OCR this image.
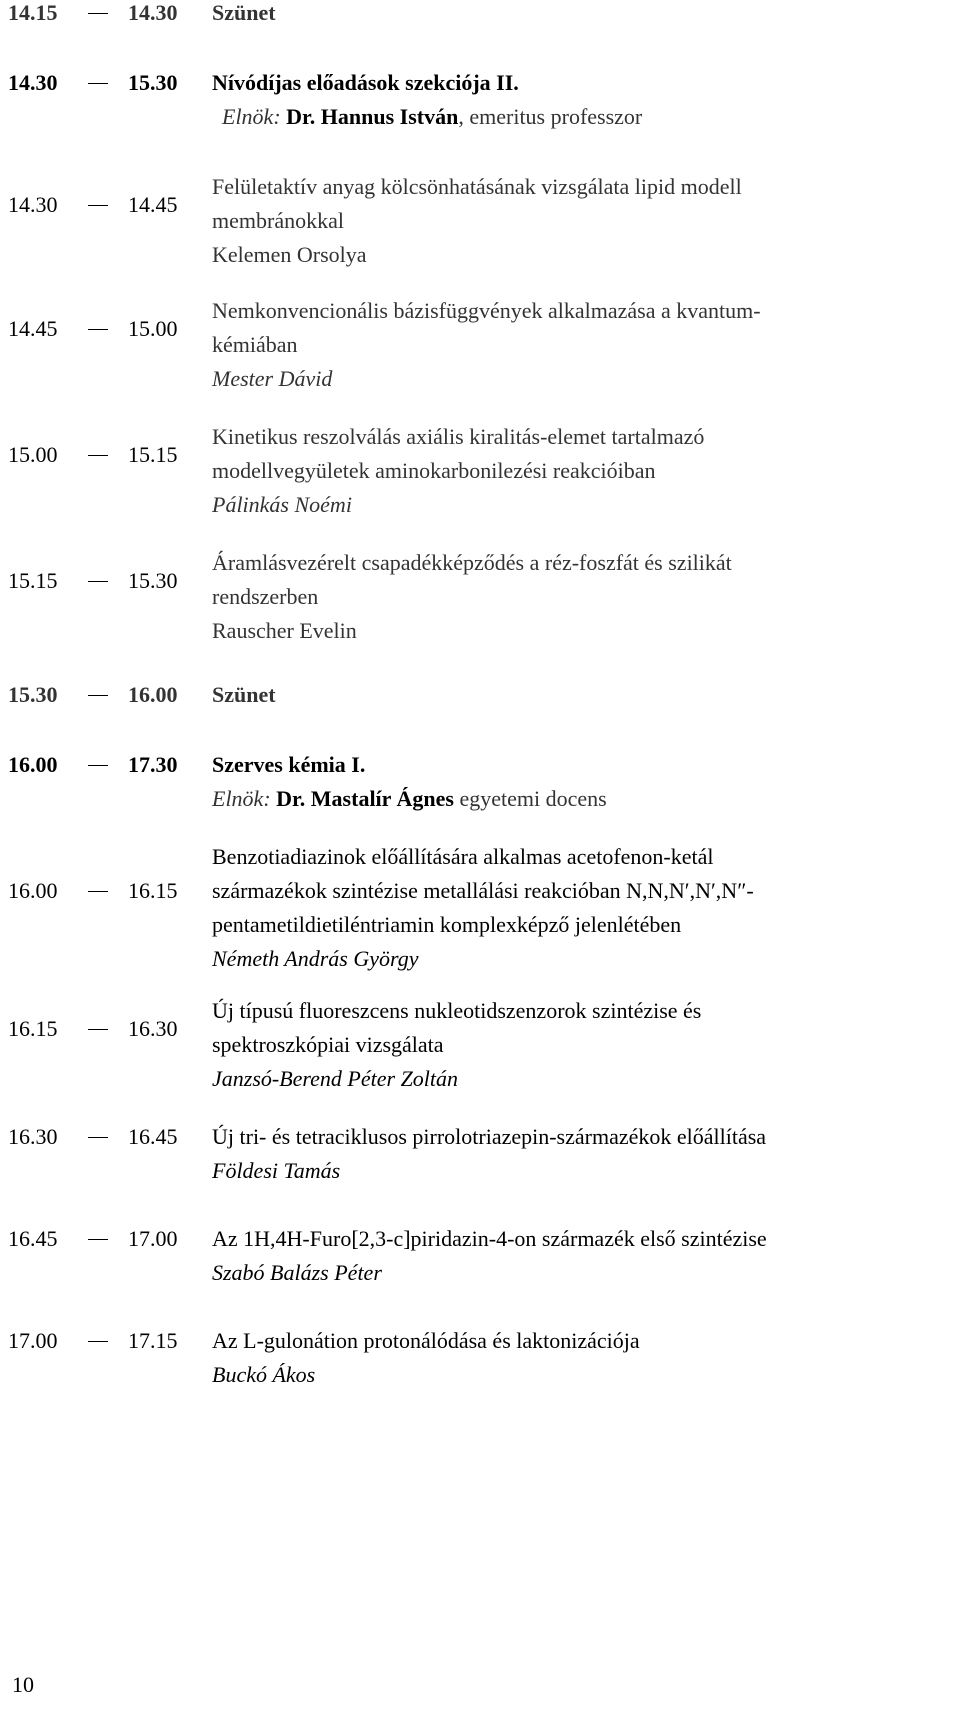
14.15	14.30 Szünet
14.30	15.30 Nívódíjas előadások szekciója II.
Elnök: Dr. Hannus István, emeritus professzor
14.30	14.45
Felületaktív anyag kölcsönhatásának vizsgálata lipid modell
membránokkal
Kelemen Orsolya
14.45	15.00
Nemkonvencionális bázisfüggvények alkalmazása a kvantum-
kémiában
Mester Dávid
15.00	15.15
Kinetikus reszolválás axiális kiralitás-elemet tartalmazó
modellvegyületek aminokarbonilezési reakcióiban
Pálinkás Noémi
15.15	15.30
Áramlásvezérelt csapadékképződés a réz-foszfát és szilikát
rendszerben
Rauscher Evelin
15.30	16.00 Szünet
16.00	17.30 Szerves kémia I.
Elnök: Dr. Mastalír Ágnes egyetemi docens
16.00	16.15
Benzotiadiazinok előállítására alkalmas acetofenon-ketál
származékok szintézise metallálási reakcióban N,N,N′,N′,N″-
pentametildietiléntriamin komplexképző jelenlétében
Németh András György
16.15	16.30
Új típusú fluoreszcens nukleotidszenzorok szintézise és
spektroszkópiai vizsgálata
Janzsó-Berend Péter Zoltán
16.30	16.45 Új tri- és tetraciklusos pirrolotriazepin-származékok előállítása
Földesi Tamás
16.45	17.00 Az 1H,4H-Furo[2,3-c]piridazin-4-on származék első szintézise
Szabó Balázs Péter
17.00	17.15 Az L-gulonátion protonálódása és laktonizációja
Buckó Ákos
10
